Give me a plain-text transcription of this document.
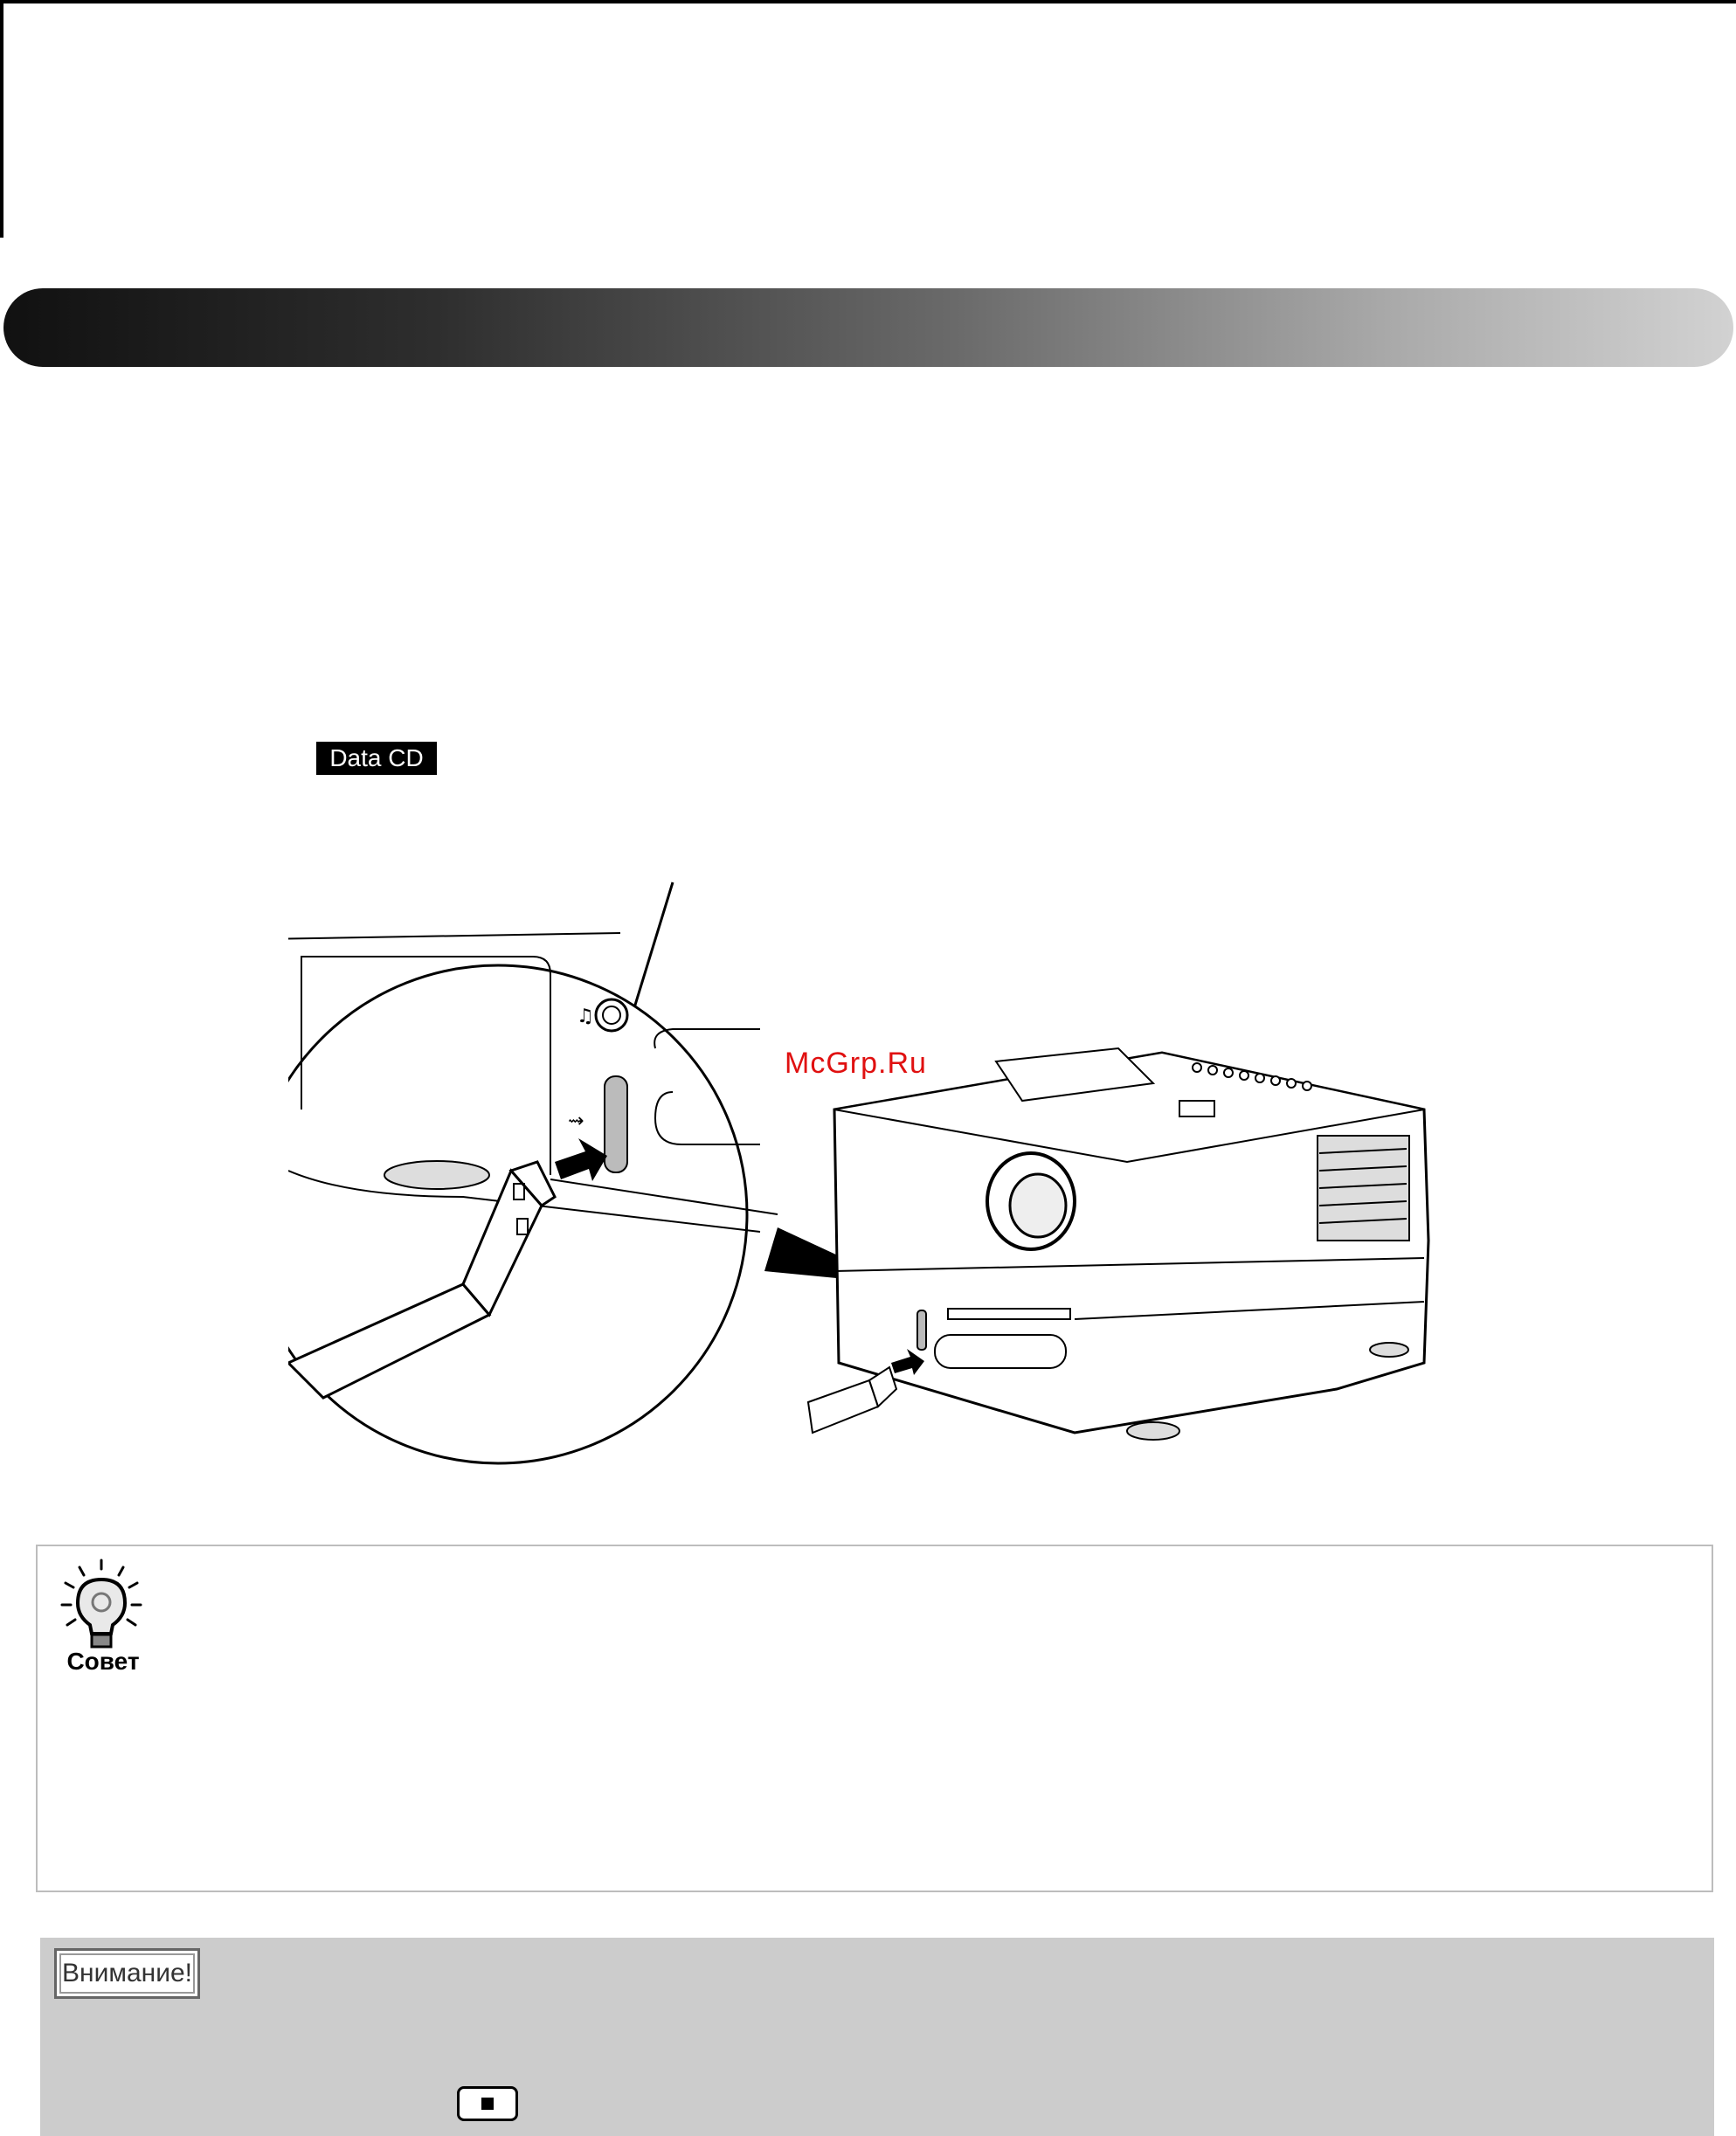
Data CD
♫
⇝
McGrp.Ru
Совет
Внимание!
